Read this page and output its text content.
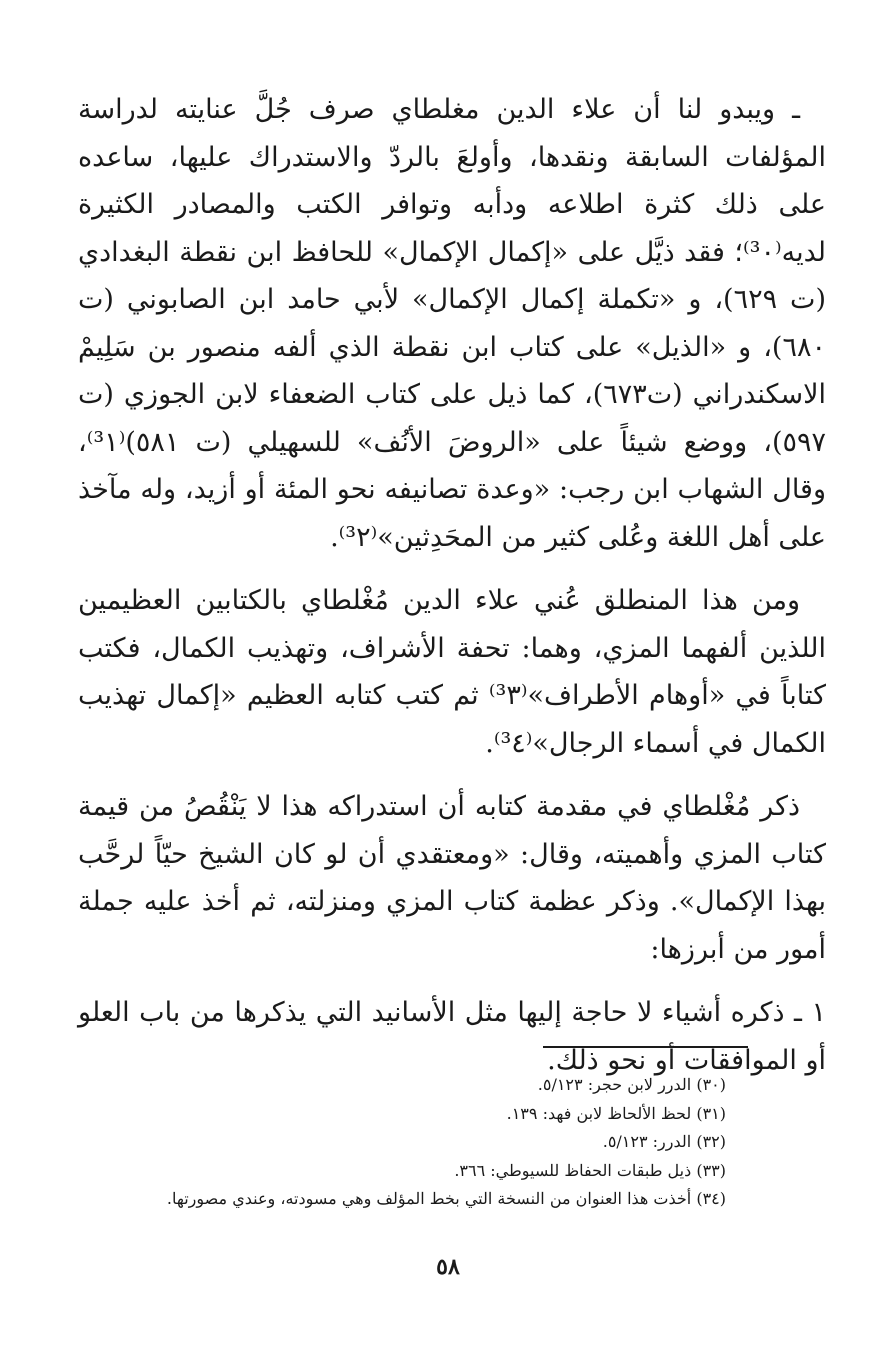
ـ ويبدو لنا أن علاء الدين مغلطاي صرف جُلَّ عنايته لدراسة المؤلفات السابقة ونقدها، وأولعَ بالردّ والاستدراك عليها، ساعده على ذلك كثرة اطلاعه ودأبه وتوافر الكتب والمصادر الكثيرة لديه⁽³٠⁾؛ فقد ذيَّل على «إكمال الإكمال» للحافظ ابن نقطة البغدادي (ت ٦٢٩)، و «تكملة إكمال الإكمال» لأبي حامد ابن الصابوني (ت ٦٨٠)، و «الذيل» على كتاب ابن نقطة الذي ألفه منصور بن سَلِيمْ الاسكندراني (ت٦٧٣)، كما ذيل على كتاب الضعفاء لابن الجوزي (ت ٥٩٧)، ووضع شيئاً على «الروضَ الأنُف» للسهيلي (ت ٥٨١)⁽³١⁾، وقال الشهاب ابن رجب: «وعدة تصانيفه نحو المئة أو أزيد، وله مآخذ على أهل اللغة وعُلى كثير من المحَدِثين»⁽³٢⁾.

ومن هذا المنطلق عُني علاء الدين مُغْلطاي بالكتابين العظيمين اللذين ألفهما المزي، وهما: تحفة الأشراف، وتهذيب الكمال، فكتب كتاباً في «أوهام الأطراف»⁽³٣⁾ ثم كتب كتابه العظيم «إكمال تهذيب الكمال في أسماء الرجال»⁽³٤⁾.

ذكر مُغْلطاي في مقدمة كتابه أن استدراكه هذا لا يَنْقُصُ من قيمة كتاب المزي وأهميته، وقال: «ومعتقدي أن لو كان الشيخ حيّاً لرحَّب بهذا الإكمال». وذكر عظمة كتاب المزي ومنزلته، ثم أخذ عليه جملة أمور من أبرزها:

١ ـ ذكره أشياء لا حاجة إليها مثل الأسانيد التي يذكرها من باب العلو أو الموافقات أو نحو ذلك.

(٣٠) الدرر لابن حجر: ٥/١٢٣.
(٣١) لحظ الألحاظ لابن فهد: ١٣٩.
(٣٢) الدرر: ٥/١٢٣.
(٣٣) ذيل طبقات الحفاظ للسيوطي: ٣٦٦.
(٣٤) أخذت هذا العنوان من النسخة التي بخط المؤلف وهي مسودته، وعندي مصورتها.
٥٨
